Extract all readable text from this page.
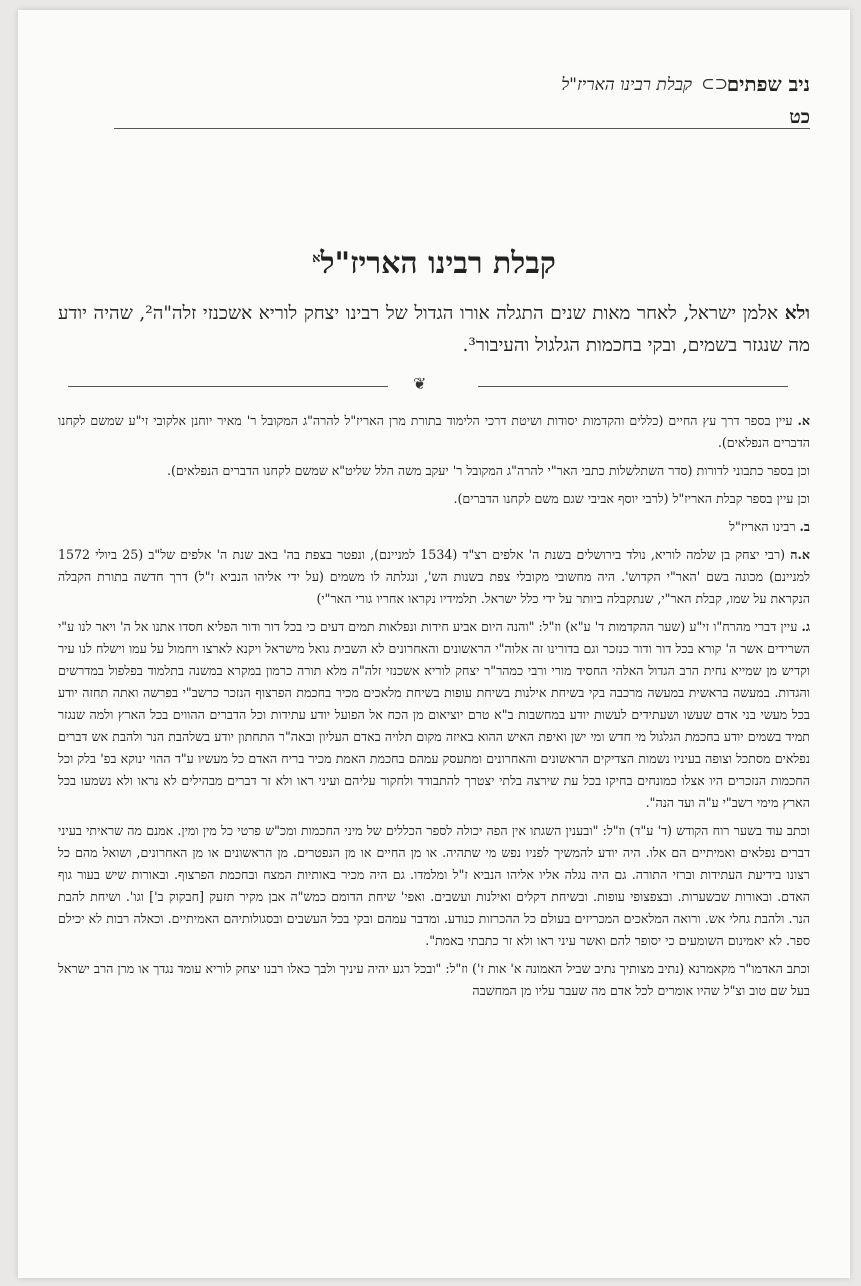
ניב שפתים
⊂⊃
קבלת רבינו האריז"ל
כט
קבלת רבינו האריז"ל$^א$
ולא אלמן ישראל, לאחר מאות שנים התגלה אורו הגדול של רבינו יצחק לוריא אשכנזי זלה"ה², שהיה יודע מה שנגזר בשמים, ובקי בחכמות הגלגול והעיבור³.
❦

א. עיין בספר דרך עץ החיים (כללים והקדמות יסודות ושיטת דרכי הלימוד בתורת מרן האריז"ל להרה"ג המקובל ר' מאיר יוחנן אלקובי זי"ע שמשם לקחנו הדברים הנפלאים).

וכן בספר כתבוני לדורות (סדר השתלשלות כתבי האר"י להרה"ג המקובל ר' יעקב משה הלל שליט"א שמשם לקחנו הדברים הנפלאים).

וכן עיין בספר קבלת האריז"ל (לרבי יוסף אביבי שגם משם לקחנו הדברים).

ב. רבינו האריז"ל

א.ה (רבי יצחק בן שלמה לוריא, נולד בירושלים בשנת ה' אלפים רצ"ד (1534 למניינם), ונפטר בצפת בה' באב שנת ה' אלפים של"ב (25 ביולי 1572 למניינם) מכונה בשם 'האר"י הקדוש'. היה מחשובי מקובלי צפת בשנות הש', ונגלתה לו משמים (על ידי אליהו הנביא ז"ל) דרך חדשה בתורת הקבלה הנקראת על שמו, קבלת האר"י, שנתקבלה ביותר על ידי כלל ישראל. תלמידיו נקראו אחריו גורי האר"י)

ג. עיין דברי מהרח"ו זי"ע (שער ההקדמות ד' ע"א) וז"ל: "והנה היום אביע חידות ונפלאות תמים דעים כי בכל דור ודור הפליא חסדו אתנו אל ה' ויאר לנו ע"י השרידים אשר ה' קורא בכל דור ודור כנזכר וגם בדורינו זה אלוה"י הראשונים והאחרונים לא השבית גואל מישראל ויקנא לארצו ויחמול על עמו וישלח לנו עיר וקדיש מן שמייא נחית הרב הגדול האלהי החסיד מורי ורבי כמהר"ר יצחק לוריא אשכנזי זלה"ה מלא תורה כרמון במקרא במשנה בתלמוד בפלפול במדרשים והגדות. במעשה בראשית במעשה מרכבה בקי בשיחת אילנות בשיחת עופות בשיחת מלאכים מכיר בחכמת הפרצוף הנזכר כרשב"י בפרשה ואתה תחזה יודע בכל מעשי בני אדם שעשו ושעתידים לעשות יודע במחשבות ב"א טרם יוציאום מן הכח אל הפועל יודע עתידות וכל הדברים ההווים בכל הארץ ולמה שנגזר תמיד בשמים יודע בחכמת הגלגול מי חדש ומי ישן ואיפת האיש ההוא באיזה מקום תלויה באדם העליון ובאה"ר התחתון יודע בשלהבת הנר ולהבת אש דברים נפלאים מסתכל וצופה בעיניו נשמות הצדיקים הראשונים והאחרונים ומתעסק עמהם בחכמת האמת מכיר בריח האדם כל מעשיו ע"ד ההוי ינוקא בפ' בלק וכל החכמות הנזכרים היו אצלו כמונחים בחיקו בכל עת שירצה בלתי יצטרך להתבודד ולחקור עליהם ועיני ראו ולא זר דברים מבהילים לא נראו ולא נשמעו בכל הארץ מימי רשב"י ע"ה ועד הנה".

וכתב עוד בשער רוח הקודש (ד' ע"ד) וז"ל: "ובענין השגתו אין הפה יכולה לספר הכללים של מיני החכמות ומכ"ש פרטי כל מין ומין. אמנם מה שראיתי בעיני דברים נפלאים ואמיתיים הם אלו. היה יודע להמשיך לפניו נפש מי שתהיה. או מן החיים או מן הנפטרים. מן הראשונים או מן האחרונים, ושואל מהם כל רצונו בידיעת העתידות וברזי התורה. גם היה נגלה אליו אליהו הנביא ז"ל ומלמדו. גם היה מכיר באותיות המצח ובחכמת הפרצוף. ובאורות שיש בעור גוף האדם. ובאורות שבשערות. ובצפצופי עופות. ובשיחת דקלים ואילנות ועשבים. ואפי' שיחת הדומם כמש"ה אבן מקיר תזעק [חבקוק ב'] וגו'. ושיחת להבת הנר. ולהבת גחלי אש. ורואה המלאכים המכריזים בעולם כל ההכרזות כנודע. ומדבר עמהם ובקי בכל העשבים ובסגולותיהם האמיתיים. וכאלה רבות לא יכילם ספר. לא יאמינום השומעים כי יסופר להם ואשר עיני ראו ולא זר כתבתי באמת".

וכתב האדמו"ר מקאמרנא (נתיב מצותיך נתיב שביל האמונה א' אות ז') וז"ל: "ובכל רגע יהיה עיניך ולבך כאלו רבנו יצחק לוריא עומד נגדך או מרן הרב ישראל בעל שם טוב וצ"ל שהיו אומרים לכל אדם מה שעבר עליו מן המחשבה
